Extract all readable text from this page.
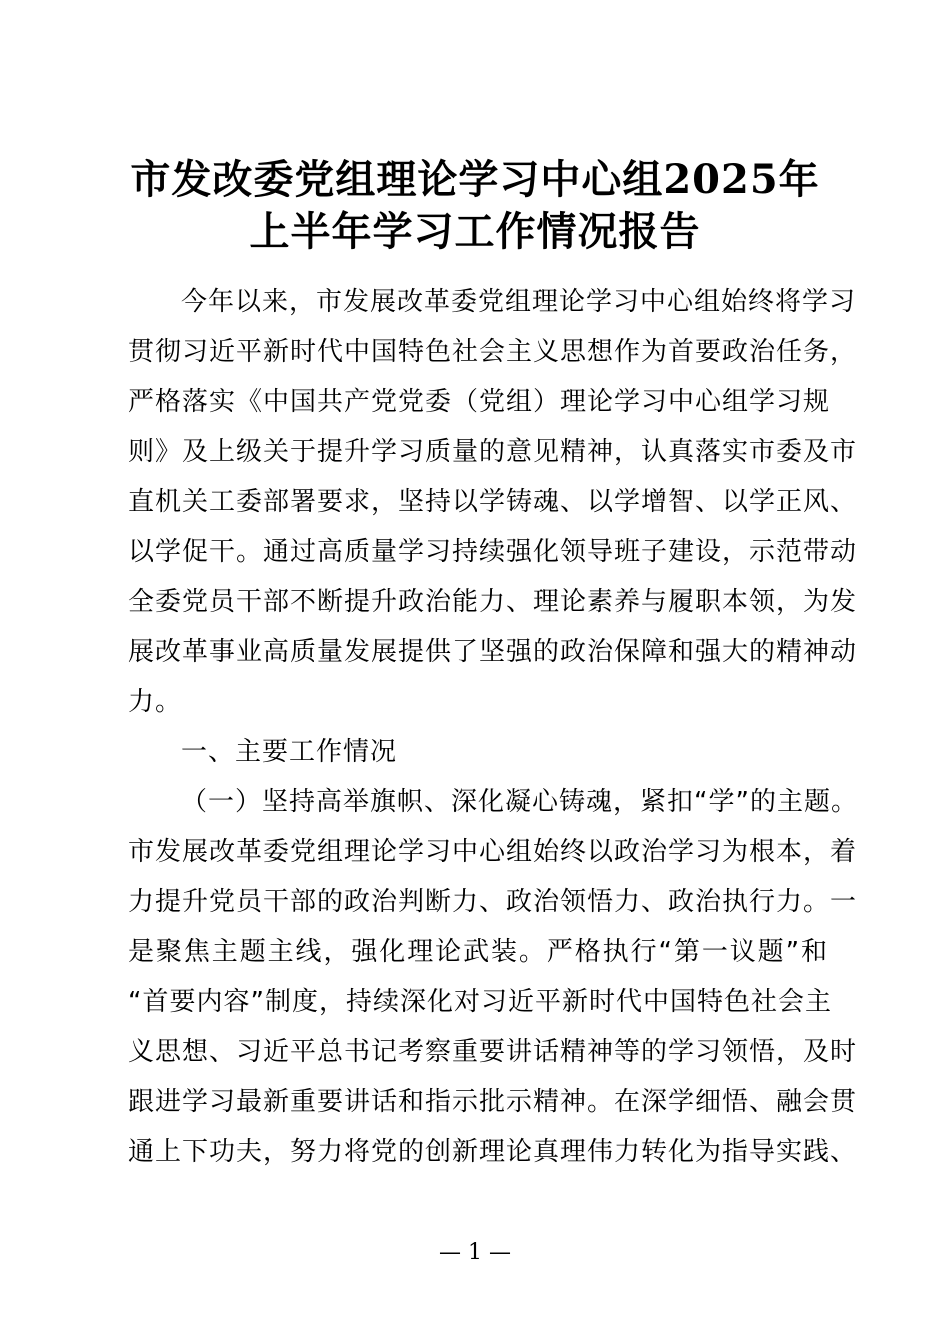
市发改委党组理论学习中心组2025年
上半年学习工作情况报告

今年以来，市发展改革委党组理论学习中心组始终将学习

贯彻习近平新时代中国特色社会主义思想作为首要政治任务，

严格落实《中国共产党党委（党组）理论学习中心组学习规

则》及上级关于提升学习质量的意见精神，认真落实市委及市

直机关工委部署要求，坚持以学铸魂、以学增智、以学正风、

以学促干。通过高质量学习持续强化领导班子建设，示范带动

全委党员干部不断提升政治能力、理论素养与履职本领，为发

展改革事业高质量发展提供了坚强的政治保障和强大的精神动

力。

一、主要工作情况

（一）坚持高举旗帜、深化凝心铸魂，紧扣“学”的主题。

市发展改革委党组理论学习中心组始终以政治学习为根本，着

力提升党员干部的政治判断力、政治领悟力、政治执行力。一

是聚焦主题主线，强化理论武装。严格执行“第一议题”和

“首要内容”制度，持续深化对习近平新时代中国特色社会主

义思想、习近平总书记考察重要讲话精神等的学习领悟，及时

跟进学习最新重要讲话和指示批示精神。在深学细悟、融会贯

通上下功夫，努力将党的创新理论真理伟力转化为指导实践、

— 1 —
